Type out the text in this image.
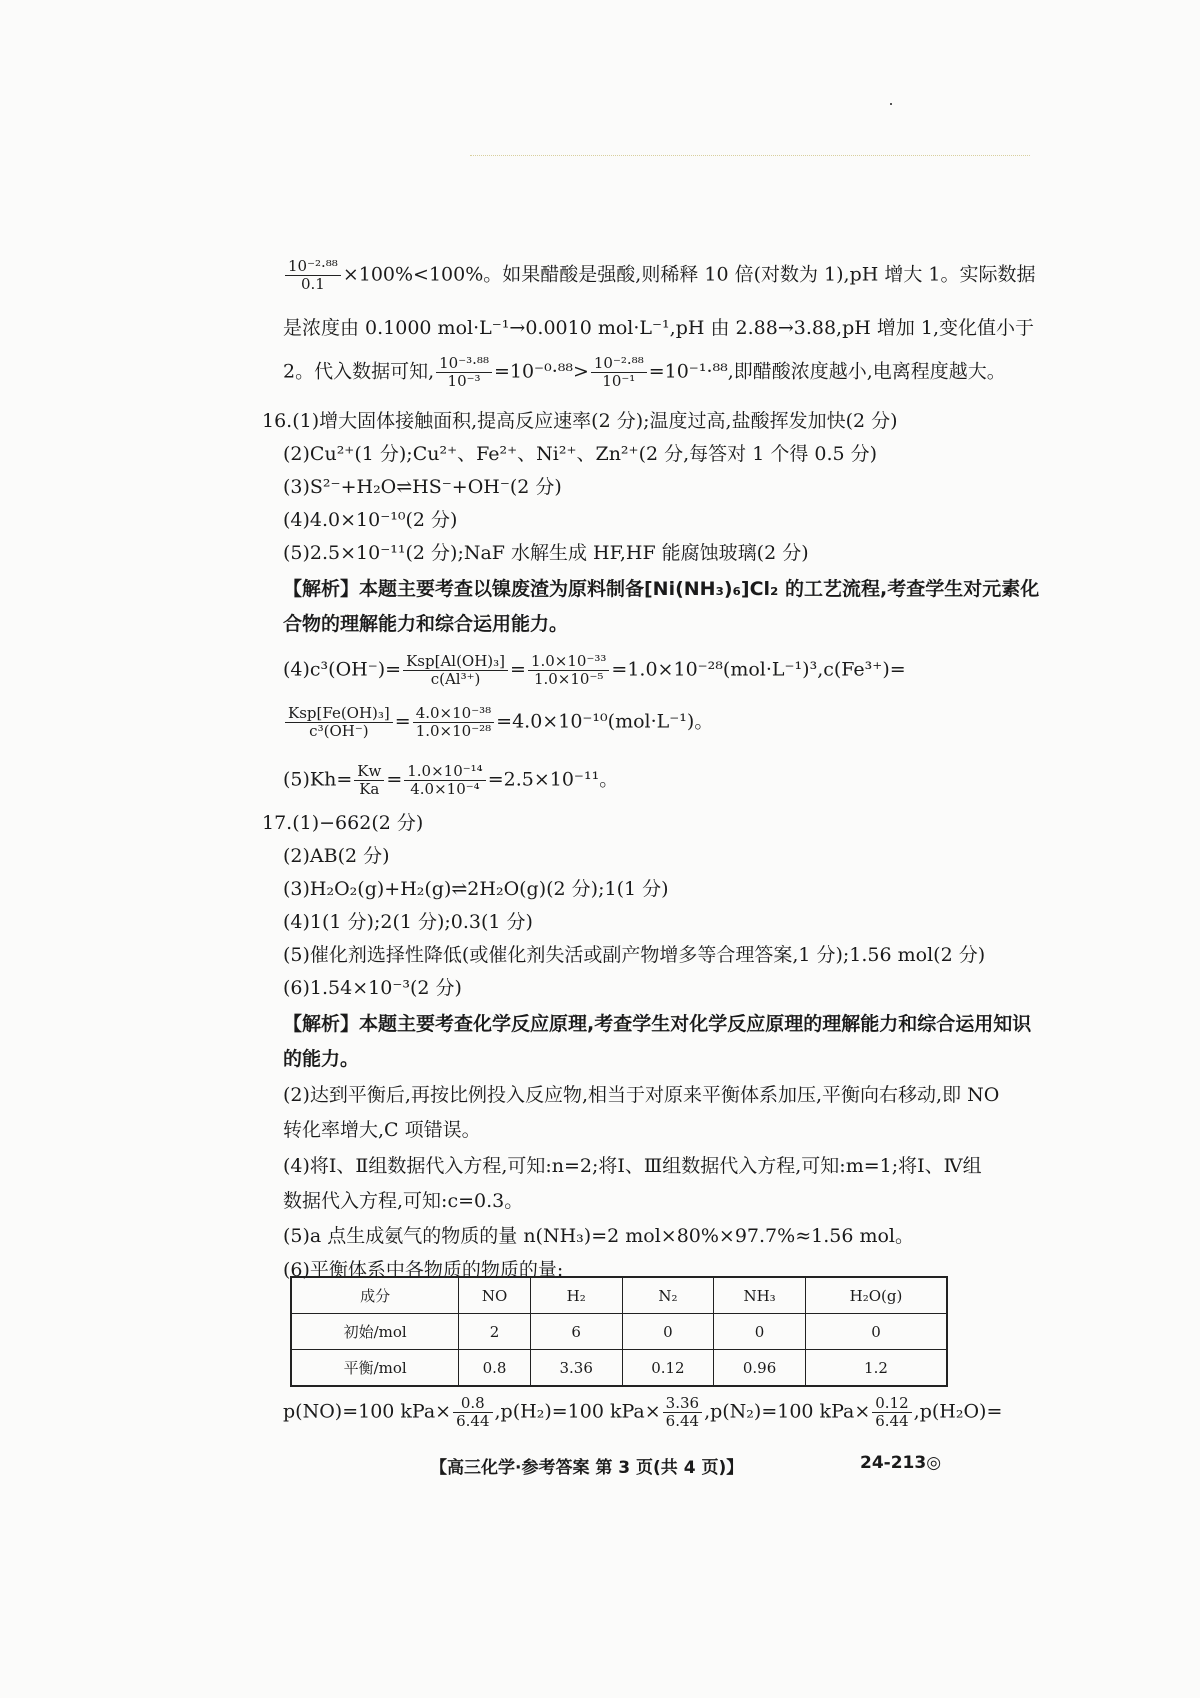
$\frac{\text{10⁻²·⁸⁸}}{0.1} \times 100\%<100\%$。如果醋酸是强酸,则稀释 10 倍(对数为 1),pH 增大 1。实际数据
是浓度由 0.1000 mol·L⁻¹→0.0010 mol·L⁻¹,pH 由 2.88→3.88,pH 增加 1,变化值小于
2。代入数据可知, $\frac{\text{10⁻³·⁸⁸}}{\text{10⁻³}} =10^{-0}\cdot^{88}> \frac{\text{10⁻²·⁸⁸}}{\text{10⁻¹}} =10^{-1}\cdot^{88}$,即醋酸浓度越小,电离程度越大。
16.(1)增大固体接触面积,提高反应速率(2 分);温度过高,盐酸挥发加快(2 分)
(2)Cu²⁺(1 分);Cu²⁺、Fe²⁺、Ni²⁺、Zn²⁺(2 分,每答对 1 个得 0.5 分)
(3)S²⁻+H₂O⇌HS⁻+OH⁻(2 分)
(4)4.0×10⁻¹⁰(2 分)
(5)2.5×10⁻¹¹(2 分);NaF 水解生成 HF,HF 能腐蚀玻璃(2 分)
【解析】本题主要考查以镍废渣为原料制备[Ni(NH₃)₆]Cl₂ 的工艺流程,考查学生对元素化
合物的理解能力和综合运用能力。
$(4)c^3(OH^-)= \frac{\text{Ksp[Al(OH)₃]}}{\text{c(Al³⁺)}} = \frac{\text{1.0×10⁻³³}}{\text{1.0×10⁻⁵}} =1.0\times 10^{-28}(mol\cdot L^{-1})^3,c(Fe^{3+})=$
$\frac{\text{Ksp[Fe(OH)₃]}}{\text{c³(OH⁻)}} = \frac{\text{4.0×10⁻³⁸}}{\text{1.0×10⁻²⁸}} =4.0\times 10^{-10}(mol\cdot L^{-1})$。
$(5)Kh= \frac{Kw}{Ka} = \frac{\text{1.0×10⁻¹⁴}}{\text{4.0×10⁻⁴}} =2.5\times 10^{-11}$。
17.(1)−662(2 分)
(2)AB(2 分)
(3)H₂O₂(g)+H₂(g)⇌2H₂O(g)(2 分);1(1 分)
(4)1(1 分);2(1 分);0.3(1 分)
(5)催化剂选择性降低(或催化剂失活或副产物增多等合理答案,1 分);1.56 mol(2 分)
(6)1.54×10⁻³(2 分)
【解析】本题主要考查化学反应原理,考查学生对化学反应原理的理解能力和综合运用知识
的能力。
(2)达到平衡后,再按比例投入反应物,相当于对原来平衡体系加压,平衡向右移动,即 NO
转化率增大,C 项错误。
(4)将Ⅰ、Ⅱ组数据代入方程,可知:n=2;将Ⅰ、Ⅲ组数据代入方程,可知:m=1;将Ⅰ、Ⅳ组
数据代入方程,可知:c=0.3。
(5)a 点生成氨气的物质的量 n(NH₃)=2 mol×80%×97.7%≈1.56 mol。
(6)平衡体系中各物质的物质的量:
成分	NO	H₂	N₂	NH₃	H₂O(g)
初始/mol	2	6	0	0	0
平衡/mol	0.8	3.36	0.12	0.96	1.2
p(NO)=100 $kPa\times \frac{0.8}{6.44} ,p(H_2)=100$ $kPa\times \frac{3.36}{6.44} ,p(N_2)=100$ $kPa\times \frac{0.12}{6.44} ,p(H_2O)=$
【高三化学·参考答案 第 3 页(共 4 页)】	24-213◎
